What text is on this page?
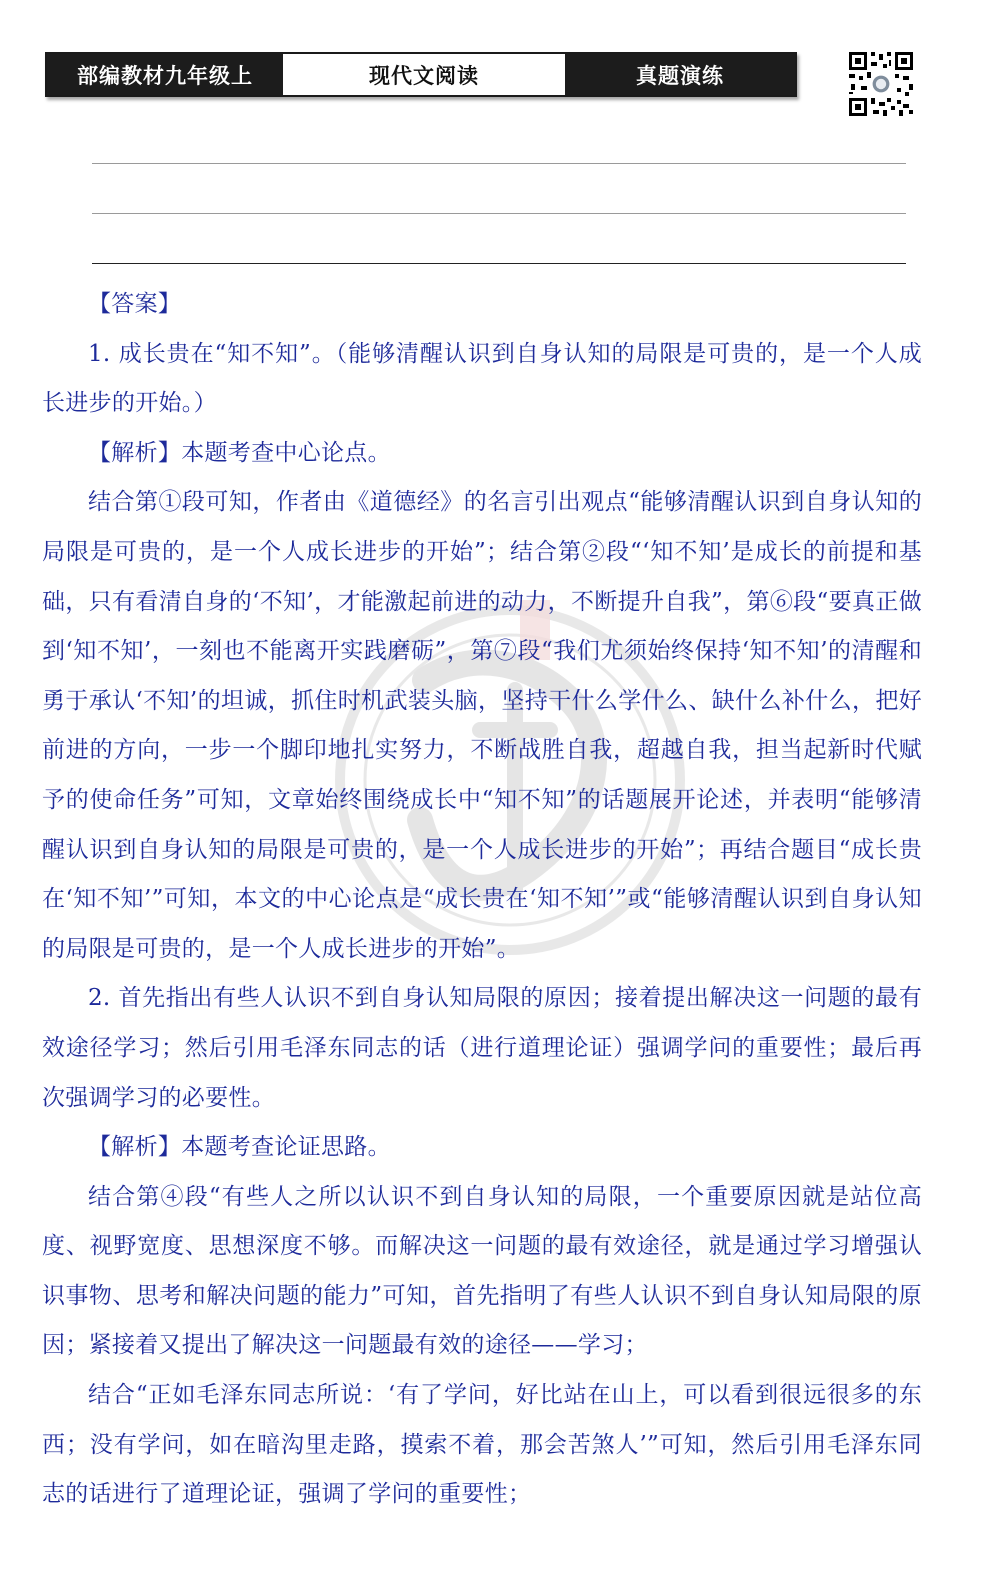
部编教材九年级上	现代文阅读	真题演练

【答案】

1. 成长贵在“知不知”。（能够清醒认识到自身认知的局限是可贵的，是一个人成长进步的开始。）

【解析】本题考查中心论点。

结合第①段可知，作者由《道德经》的名言引出观点“能够清醒认识到自身认知的局限是可贵的，是一个人成长进步的开始”；结合第②段“‘知不知’是成长的前提和基础，只有看清自身的‘不知’，才能激起前进的动力，不断提升自我”，第⑥段“要真正做到‘知不知’，一刻也不能离开实践磨砺”，第⑦段“我们尤须始终保持‘知不知’的清醒和勇于承认‘不知’的坦诚，抓住时机武装头脑，坚持干什么学什么、缺什么补什么，把好前进的方向，一步一个脚印地扎实努力，不断战胜自我，超越自我，担当起新时代赋予的使命任务”可知，文章始终围绕成长中“知不知”的话题展开论述，并表明“能够清醒认识到自身认知的局限是可贵的，是一个人成长进步的开始”；再结合题目“成长贵在‘知不知’”可知，本文的中心论点是“成长贵在‘知不知’”或“能够清醒认识到自身认知的局限是可贵的，是一个人成长进步的开始”。

2. 首先指出有些人认识不到自身认知局限的原因；接着提出解决这一问题的最有效途径学习；然后引用毛泽东同志的话（进行道理论证）强调学问的重要性；最后再次强调学习的必要性。

【解析】本题考查论证思路。

结合第④段“有些人之所以认识不到自身认知的局限，一个重要原因就是站位高度、视野宽度、思想深度不够。而解决这一问题的最有效途径，就是通过学习增强认识事物、思考和解决问题的能力”可知，首先指明了有些人认识不到自身认知局限的原因；紧接着又提出了解决这一问题最有效的途径——学习；

结合“正如毛泽东同志所说：‘有了学问，好比站在山上，可以看到很远很多的东西；没有学问，如在暗沟里走路，摸索不着，那会苦煞人’”可知，然后引用毛泽东同志的话进行了道理论证，强调了学问的重要性；
